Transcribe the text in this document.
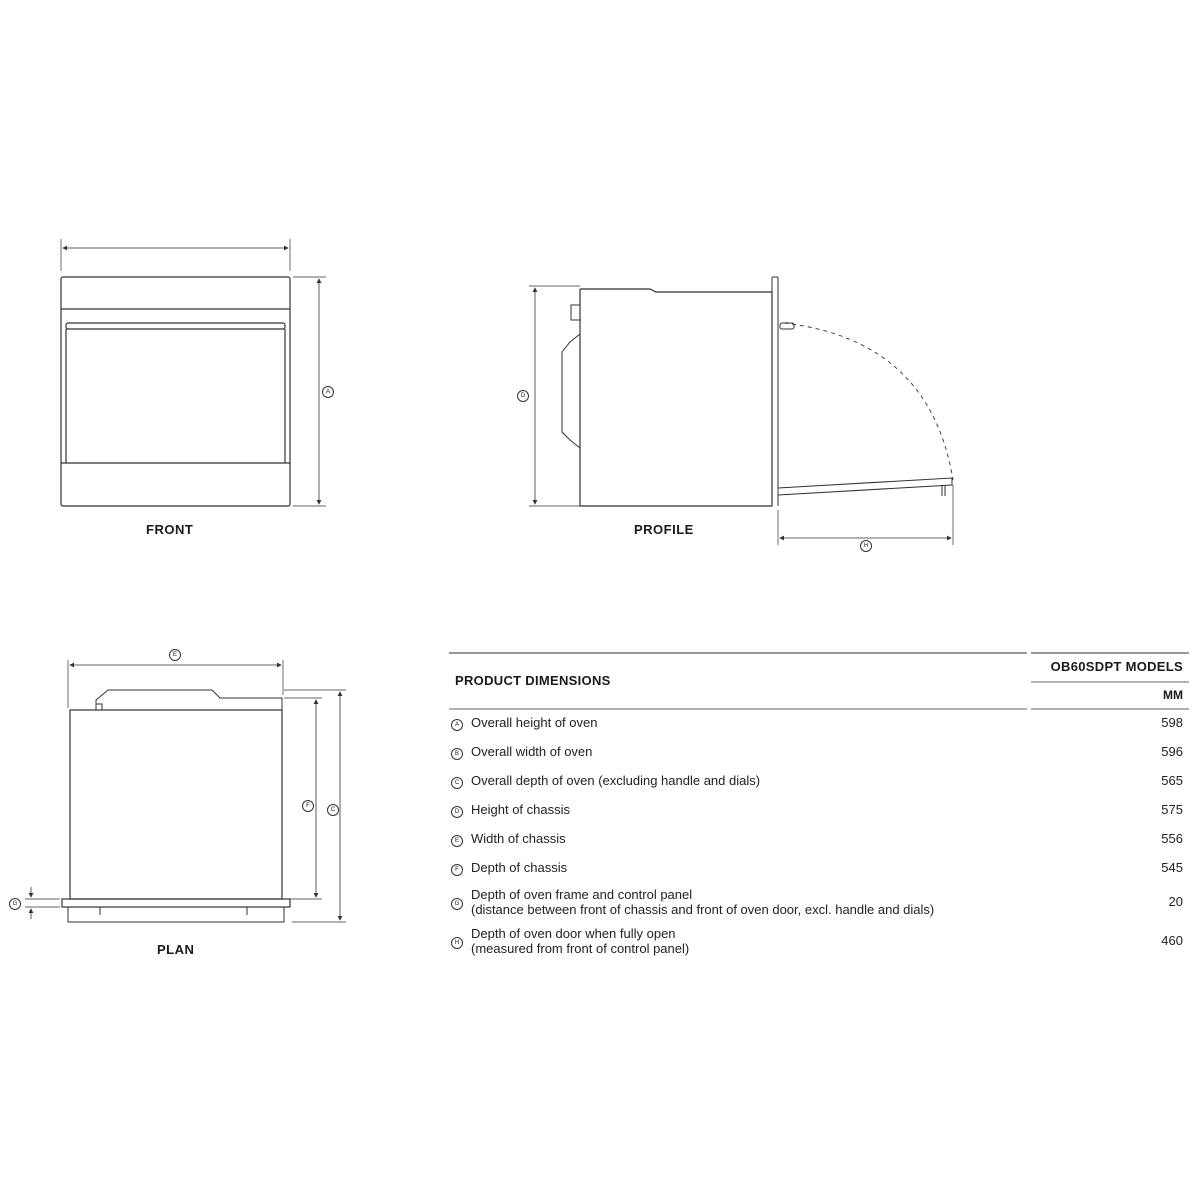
A
D
H
E
F
C
G
FRONT	PROFILE
PLAN
PRODUCT DIMENSIONS		OB60SDPT MODELS
		MM
A	Overall height of oven	598
B	Overall width of oven	596
C	Overall depth of oven (excluding handle and dials)	565
D	Height of chassis	575
E	Width of chassis	556
F	Depth of chassis	545
G	Depth of oven frame and control panel
(distance between front of chassis and front of oven door, excl. handle and dials)	20
H	Depth of oven door when fully open
(measured from front of control panel)	460
